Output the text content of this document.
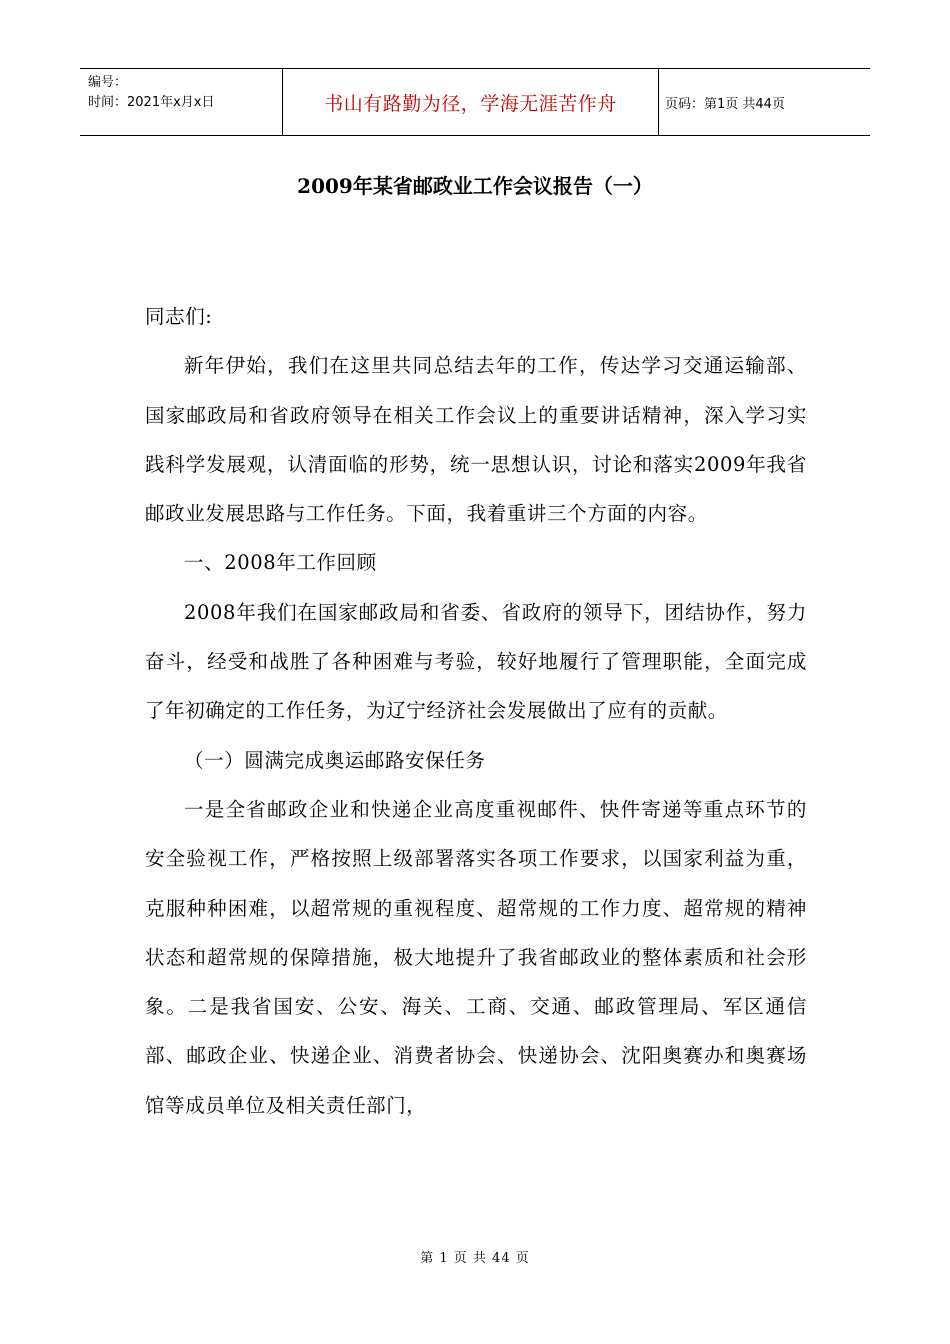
编号：
时间：2021年x月x日	书山有路勤为径，学海无涯苦作舟	页码：第1页 共44页
2009年某省邮政业工作会议报告（一）

同志们:

新年伊始，我们在这里共同总结去年的工作，传达学习交通运输部、国家邮政局和省政府领导在相关工作会议上的重要讲话精神，深入学习实践科学发展观，认清面临的形势，统一思想认识，讨论和落实2009年我省邮政业发展思路与工作任务。下面，我着重讲三个方面的内容。

一、2008年工作回顾

2008年我们在国家邮政局和省委、省政府的领导下，团结协作，努力奋斗，经受和战胜了各种困难与考验，较好地履行了管理职能，全面完成了年初确定的工作任务，为辽宁经济社会发展做出了应有的贡献。

（一）圆满完成奥运邮路安保任务

一是全省邮政企业和快递企业高度重视邮件、快件寄递等重点环节的安全验视工作，严格按照上级部署落实各项工作要求，以国家利益为重，克服种种困难，以超常规的重视程度、超常规的工作力度、超常规的精神状态和超常规的保障措施，极大地提升了我省邮政业的整体素质和社会形象。二是我省国安、公安、海关、工商、交通、邮政管理局、军区通信部、邮政企业、快递企业、消费者协会、快递协会、沈阳奥赛办和奥赛场馆等成员单位及相关责任部门，

第 1 页 共 44 页
